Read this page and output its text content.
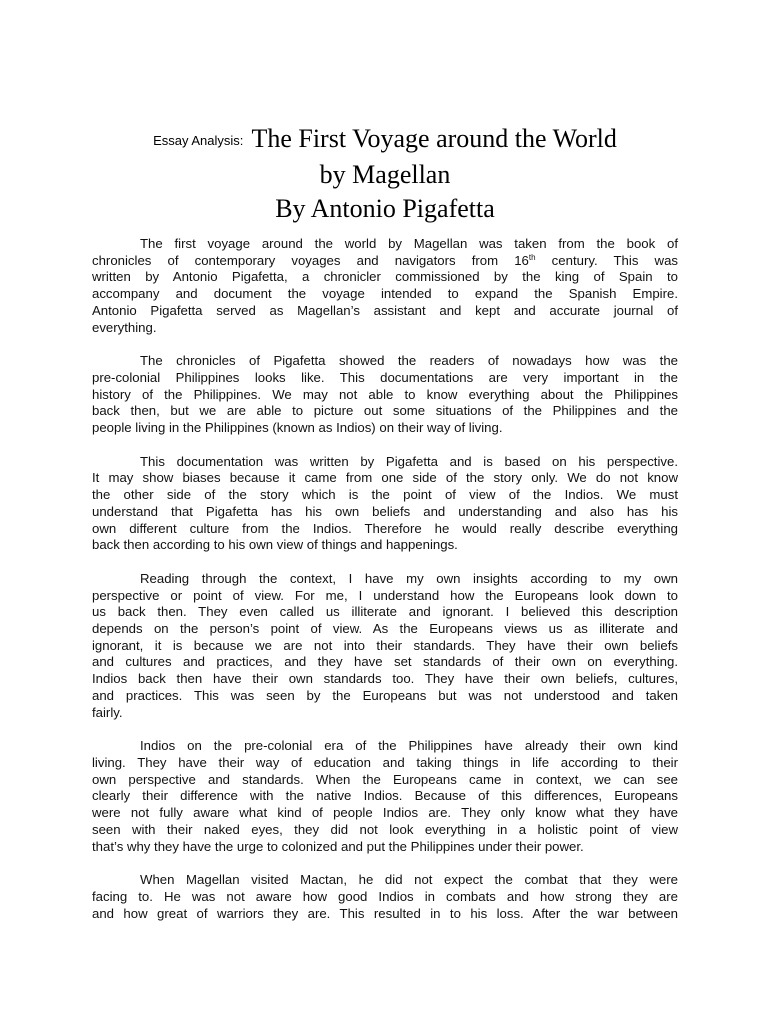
Essay Analysis: The First Voyage around the World
by Magellan
By Antonio Pigafetta
The first voyage around the world by Magellan was taken from the book of
chronicles of contemporary voyages and navigators from 16th century. This was
written by Antonio Pigafetta, a chronicler commissioned by the king of Spain to
accompany and document the voyage intended to expand the Spanish Empire.
Antonio Pigafetta served as Magellan’s assistant and kept and accurate journal of
everything.
The chronicles of Pigafetta showed the readers of nowadays how was the
pre-colonial Philippines looks like. This documentations are very important in the
history of the Philippines. We may not able to know everything about the Philippines
back then, but we are able to picture out some situations of the Philippines and the
people living in the Philippines (known as Indios) on their way of living.
This documentation was written by Pigafetta and is based on his perspective.
It may show biases because it came from one side of the story only. We do not know
the other side of the story which is the point of view of the Indios. We must
understand that Pigafetta has his own beliefs and understanding and also has his
own different culture from the Indios. Therefore he would really describe everything
back then according to his own view of things and happenings.
Reading through the context, I have my own insights according to my own
perspective or point of view. For me, I understand how the Europeans look down to
us back then. They even called us illiterate and ignorant. I believed this description
depends on the person’s point of view. As the Europeans views us as illiterate and
ignorant, it is because we are not into their standards. They have their own beliefs
and cultures and practices, and they have set standards of their own on everything.
Indios back then have their own standards too. They have their own beliefs, cultures,
and practices. This was seen by the Europeans but was not understood and taken
fairly.
Indios on the pre-colonial era of the Philippines have already their own kind
living. They have their way of education and taking things in life according to their
own perspective and standards. When the Europeans came in context, we can see
clearly their difference with the native Indios. Because of this differences, Europeans
were not fully aware what kind of people Indios are. They only know what they have
seen with their naked eyes, they did not look everything in a holistic point of view
that’s why they have the urge to colonized and put the Philippines under their power.
When Magellan visited Mactan, he did not expect the combat that they were
facing to. He was not aware how good Indios in combats and how strong they are
and how great of warriors they are. This resulted in to his loss. After the war between
